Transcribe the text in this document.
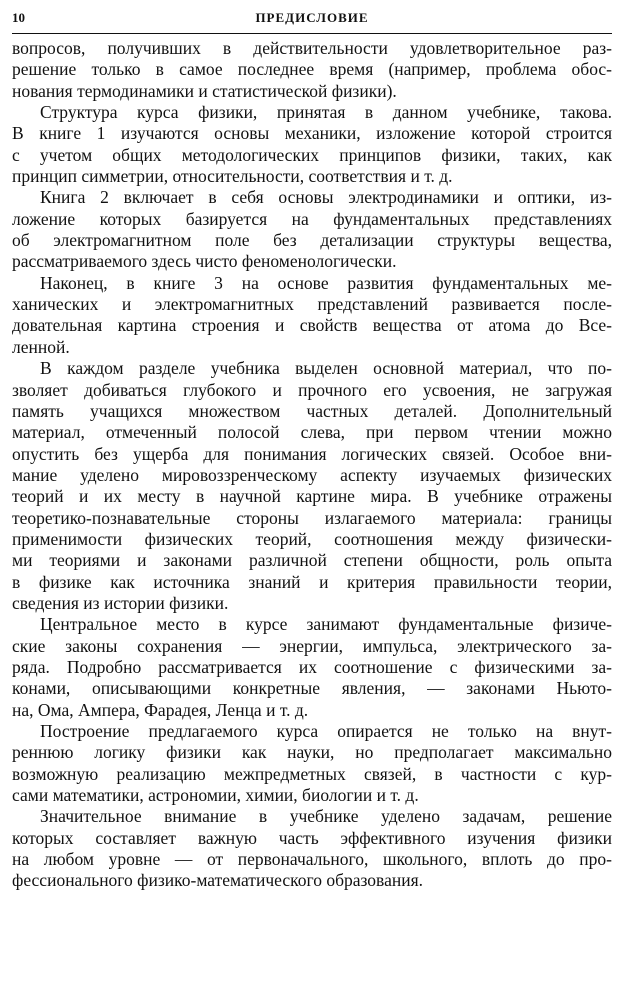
10	ПРЕДИСЛОВИЕ
вопросов, получивших в действительности удовлетворительное раз-
решение только в самое последнее время (например, проблема обос-
нования термодинамики и статистической физики).
Структура курса физики, принятая в данном учебнике, такова.
В книге 1 изучаются основы механики, изложение которой строится
с учетом общих методологических принципов физики, таких, как
принцип симметрии, относительности, соответствия и т. д.
Книга 2 включает в себя основы электродинамики и оптики, из-
ложение которых базируется на фундаментальных представлениях
об электромагнитном поле без детализации структуры вещества,
рассматриваемого здесь чисто феноменологически.
Наконец, в книге 3 на основе развития фундаментальных ме-
ханических и электромагнитных представлений развивается после-
довательная картина строения и свойств вещества от атома до Все-
ленной.
В каждом разделе учебника выделен основной материал, что по-
зволяет добиваться глубокого и прочного его усвоения, не загружая
память учащихся множеством частных деталей. Дополнительный
материал, отмеченный полосой слева, при первом чтении можно
опустить без ущерба для понимания логических связей. Особое вни-
мание уделено мировоззренческому аспекту изучаемых физических
теорий и их месту в научной картине мира. В учебнике отражены
теоретико-познавательные стороны излагаемого материала: границы
применимости физических теорий, соотношения между физически-
ми теориями и законами различной степени общности, роль опыта
в физике как источника знаний и критерия правильности теории,
сведения из истории физики.
Центральное место в курсе занимают фундаментальные физиче-
ские законы сохранения — энергии, импульса, электрического за-
ряда. Подробно рассматривается их соотношение с физическими за-
конами, описывающими конкретные явления, — законами Ньюто-
на, Ома, Ампера, Фарадея, Ленца и т. д.
Построение предлагаемого курса опирается не только на внут-
реннюю логику физики как науки, но предполагает максимально
возможную реализацию межпредметных связей, в частности с кур-
сами математики, астрономии, химии, биологии и т. д.
Значительное внимание в учебнике уделено задачам, решение
которых составляет важную часть эффективного изучения физики
на любом уровне — от первоначального, школьного, вплоть до про-
фессионального физико-математического образования.
